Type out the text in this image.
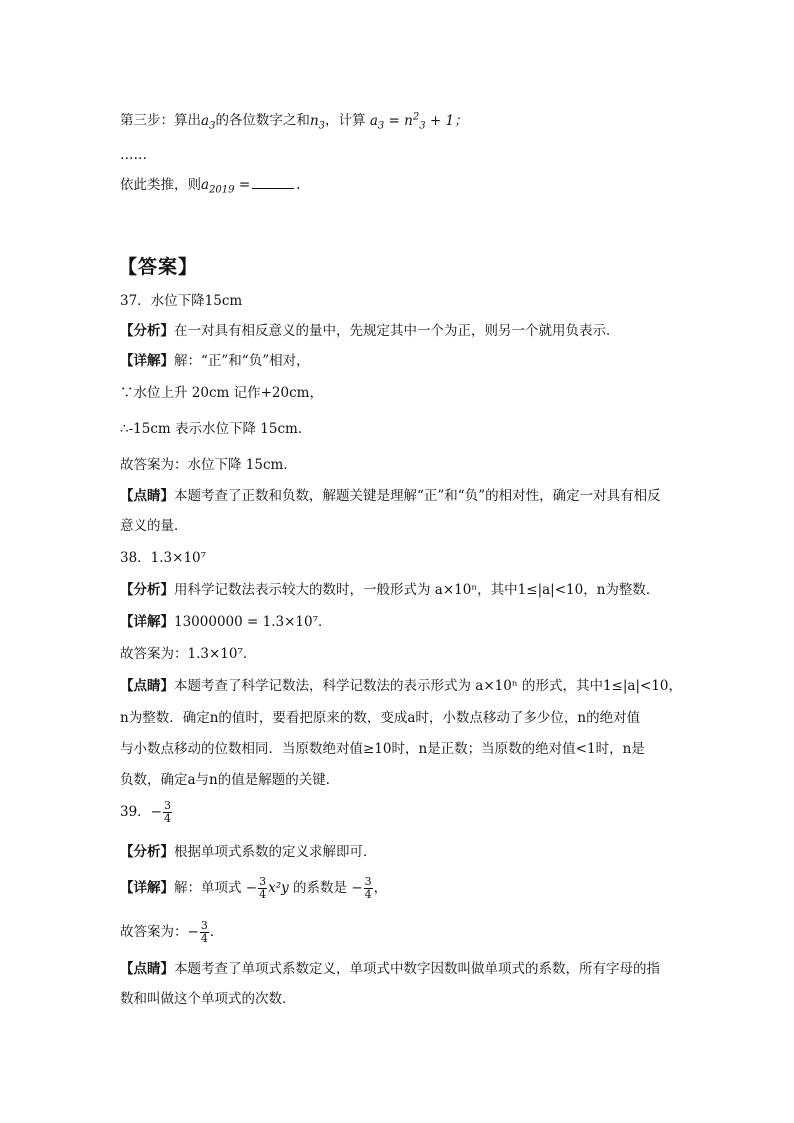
第三步：算出$a_3$的各位数字之和$n_3$，计算 $a_3 = n^2_3 + 1$；
……
依此类推，则$a_{2019}$ =	.
【答案】
37．水位下降15cm
【分析】在一对具有相反意义的量中，先规定其中一个为正，则另一个就用负表示．
【详解】解：“正”和“负”相对，
∵水位上升 20cm 记作+20cm，
∴-15cm 表示水位下降 15cm．
故答案为：水位下降 15cm．
【点睛】本题考查了正数和负数，解题关键是理解“正”和“负”的相对性，确定一对具有相反
意义的量．
38．1.3×10⁷
【分析】用科学记数法表示较大的数时，一般形式为 a×10ⁿ，其中1≤|a|<10，n为整数．
【详解】13000000 = 1.3×10⁷．
故答案为：1.3×10⁷．
【点睛】本题考查了科学记数法，科学记数法的表示形式为 a×10ⁿ 的形式，其中1≤|a|<10，
n为整数．确定n的值时，要看把原来的数，变成a时，小数点移动了多少位，n的绝对值
与小数点移动的位数相同．当原数绝对值≥10时，n是正数；当原数的绝对值<1时，n是
负数，确定a与n的值是解题的关键．
39．− $\frac{3}{4}$
【分析】根据单项式系数的定义求解即可．
【详解】解：单项式 − $\frac{3}{4} x^2y$ 的系数是 − $\frac{3}{4}$ ，
故答案为：− $\frac{3}{4}$ ．
【点睛】本题考查了单项式系数定义，单项式中数字因数叫做单项式的系数，所有字母的指
数和叫做这个单项式的次数．
